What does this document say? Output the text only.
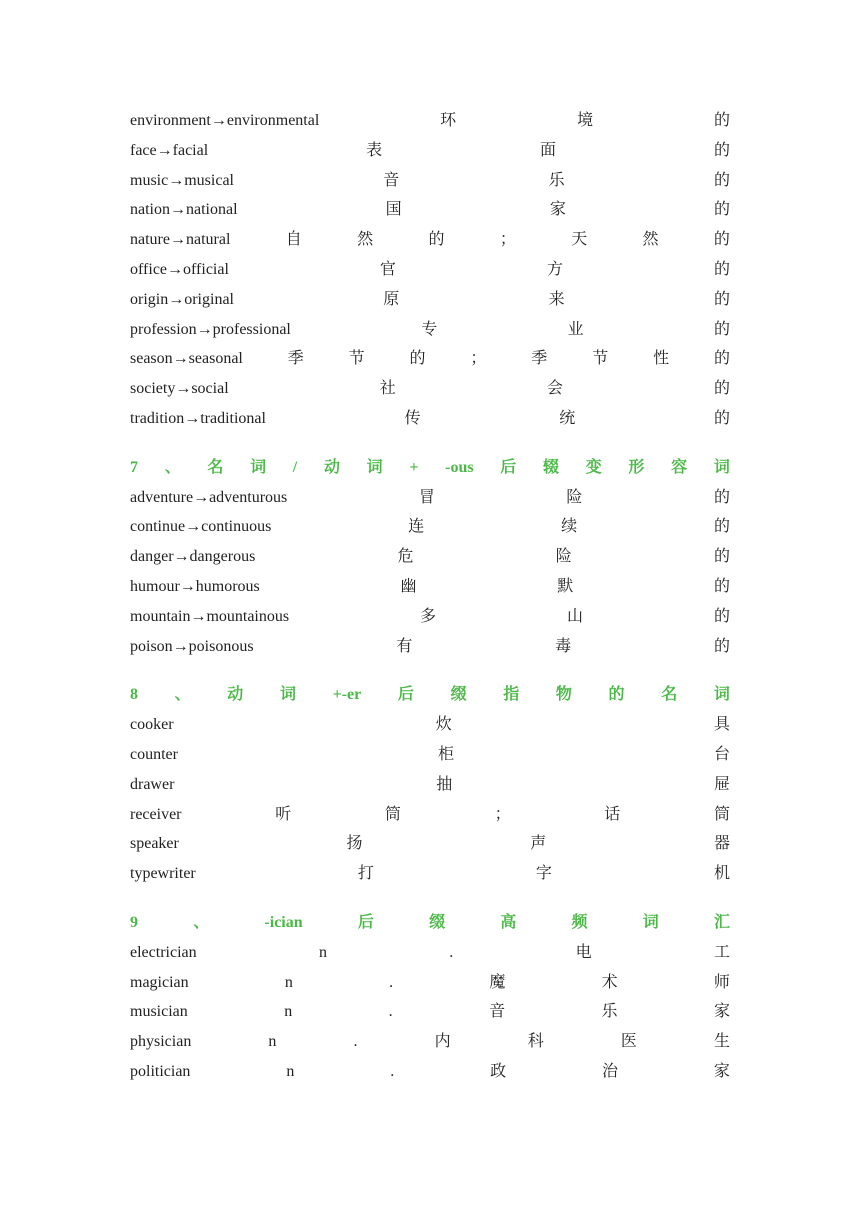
environment→environmental	环	境	的
face→facial	表	面	的
music→musical	音	乐	的
nation→national	国	家	的
nature→natural	自	然	的	；	天	然	的
office→official	官	方	的
origin→original	原	来	的
profession→professional	专	业	的
season→seasonal	季	节	的	；	季	节	性	的
society→social	社	会	的
tradition→traditional	传	统	的
7 、 名 词 / 动 词 + -ous 后 辍 变 形 容 词
adventure→adventurous	冒	险	的
continue→continuous	连	续	的
danger→dangerous	危	险	的
humour→humorous	幽	默	的
mountain→mountainous	多	山	的
poison→poisonous	有	毒	的
8 、 动 词 +-er 后 缀 指 物 的 名 词
cooker	炊	具
counter	柜	台
drawer	抽	屉
receiver	听	筒	；	话	筒
speaker	扬	声	器
typewriter	打	字	机
9	、	-ician	后	缀	高	频	词	汇
electrician	n	.	电	工
magician	n	.	魔	术	师
musician	n	.	音	乐	家
physician	n	.	内	科	医	生
politician	n	.	政	治	家
